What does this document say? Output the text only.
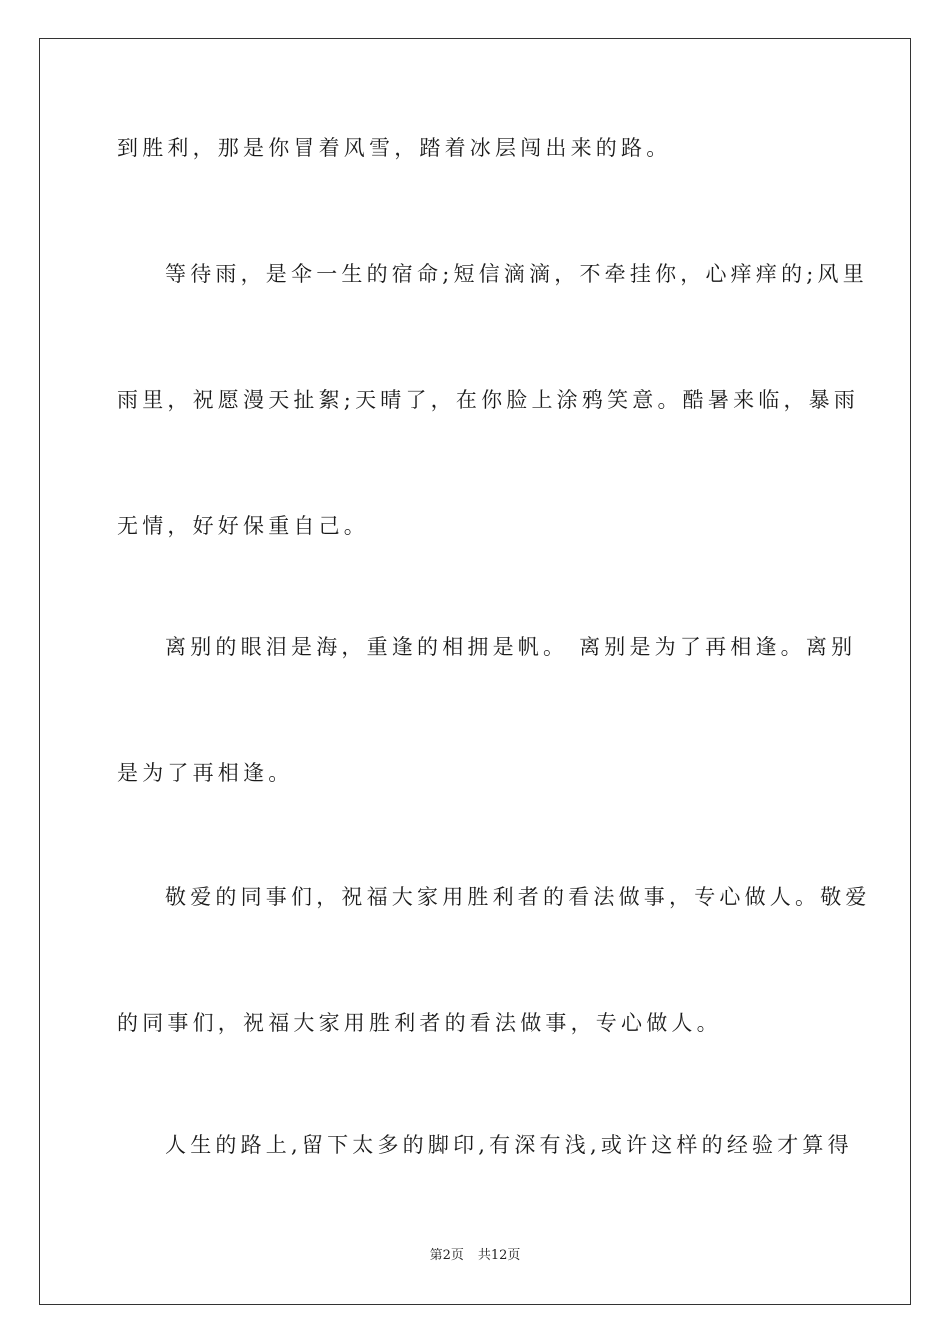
到胜利，那是你冒着风雪，踏着冰层闯出来的路。
等待雨，是伞一生的宿命;短信滴滴，不牵挂你，心痒痒的;风里
雨里，祝愿漫天扯絮;天晴了，在你脸上涂鸦笑意。酷暑来临，暴雨
无情，好好保重自己。
离别的眼泪是海，重逢的相拥是帆。 离别是为了再相逢。离别
是为了再相逢。
敬爱的同事们，祝福大家用胜利者的看法做事，专心做人。敬爱
的同事们，祝福大家用胜利者的看法做事，专心做人。
人生的路上,留下太多的脚印,有深有浅,或许这样的经验才算得
第2页 共12页
